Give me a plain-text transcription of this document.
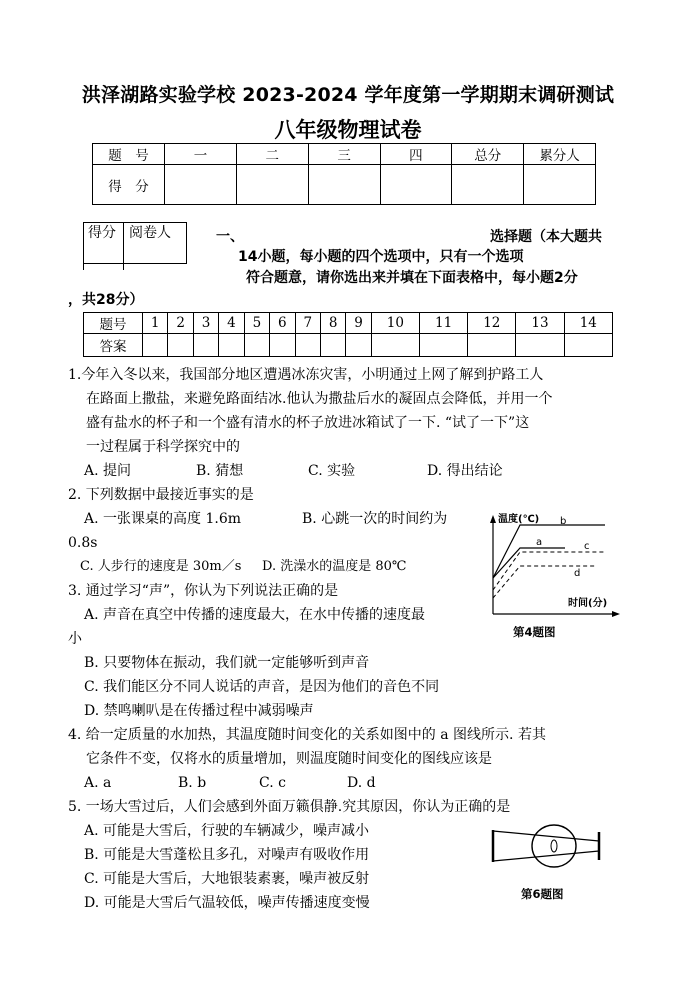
洪泽湖路实验学校 2023-2024 学年度第一学期期末调研测试
八年级物理试卷
题　号	一	二	三	四	总分	累分人
得　分						
得分 阅卷人	一、	选择题（本大题共
14小题，每小题的四个选项中，只有一个选项
符合题意，请你选出来并填在下面表格中，每小题2分
，共28分）
题号	1	2	3	4	5	6	7	8	9	10	11	12	13	14
答案														
1.今年入冬以来，我国部分地区遭遇冰冻灾害，小明通过上网了解到护路工人
在路面上撒盐，来避免路面结冰.他认为撒盐后水的凝固点会降低，并用一个
盛有盐水的杯子和一个盛有清水的杯子放进冰箱试了一下. “试了一下”这
一过程属于科学探究中的
A. 提问	B. 猜想	C. 实验	D. 得出结论
2. 下列数据中最接近事实的是
A. 一张课桌的高度 1.6m	B. 心跳一次的时间约为
0.8s
C. 人步行的速度是 30m／s D. 洗澡水的温度是 80℃
3. 通过学习“声”，你认为下列说法正确的是
A. 声音在真空中传播的速度最大，在水中传播的速度最
小
B. 只要物体在振动，我们就一定能够听到声音
C. 我们能区分不同人说话的声音，是因为他们的音色不同
D. 禁鸣喇叭是在传播过程中减弱噪声
4. 给一定质量的水加热，其温度随时间变化的关系如图中的 a 图线所示. 若其
它条件不变，仅将水的质量增加，则温度随时间变化的图线应该是
A. a	B. b	C. c	D. d
5. 一场大雪过后，人们会感到外面万籁俱静.究其原因，你认为正确的是
A. 可能是大雪后，行驶的车辆减少，噪声减小
B. 可能是大雪蓬松且多孔，对噪声有吸收作用
C. 可能是大雪后，大地银装素裹，噪声被反射
D. 可能是大雪后气温较低，噪声传播速度变慢
温度(℃)
时间(分)
b
a	c
d
第4题图
第6题图
